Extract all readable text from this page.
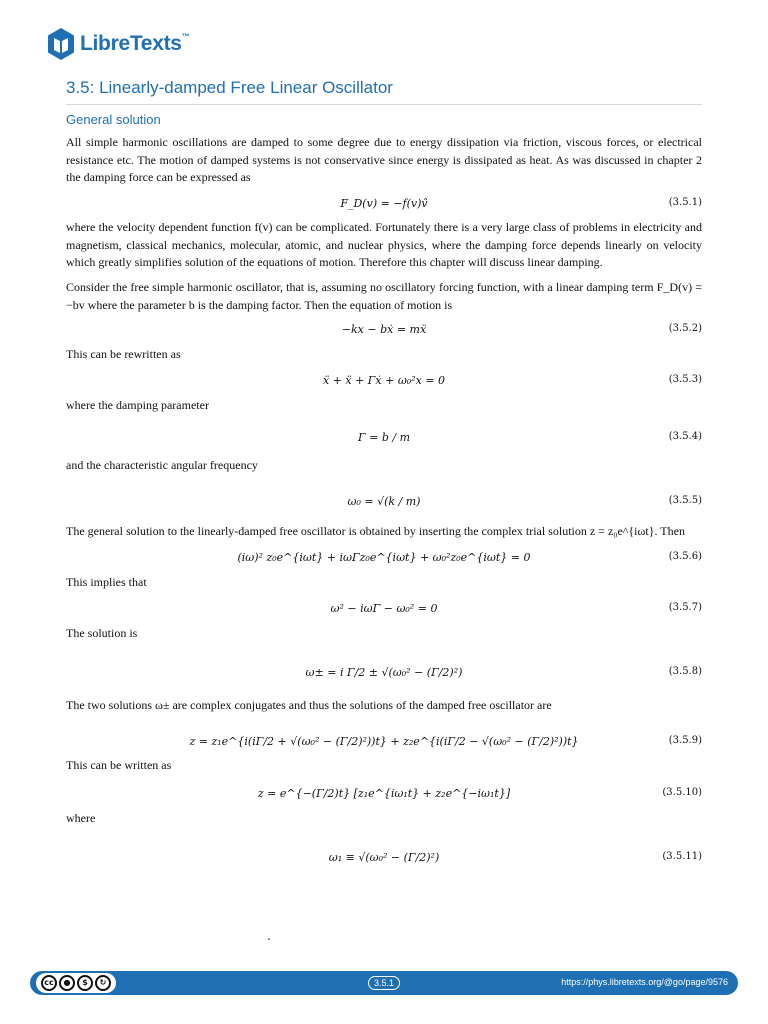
LibreTexts™
3.5: Linearly-damped Free Linear Oscillator
General solution

All simple harmonic oscillations are damped to some degree due to energy dissipation via friction, viscous forces, or electrical resistance etc. The motion of damped systems is not conservative since energy is dissipated as heat. As was discussed in chapter 2 the damping force can be expressed as

F_D(v) = −f(v)v̂	(3.5.1)

where the velocity dependent function f(v) can be complicated. Fortunately there is a very large class of problems in electricity and magnetism, classical mechanics, molecular, atomic, and nuclear physics, where the damping force depends linearly on velocity which greatly simplifies solution of the equations of motion. Therefore this chapter will discuss linear damping.

Consider the free simple harmonic oscillator, that is, assuming no oscillatory forcing function, with a linear damping term F_D(v) = −bv where the parameter b is the damping factor. Then the equation of motion is

−kx − bẋ = mẍ	(3.5.2)

This can be rewritten as

ẍ + ẍ + Γẋ + ω₀²x = 0	(3.5.3)

where the damping parameter

Γ = b / m	(3.5.4)

and the characteristic angular frequency

ω₀ = √(k / m)	(3.5.5)

The general solution to the linearly-damped free oscillator is obtained by inserting the complex trial solution z = z₀e^{iωt}. Then

(iω)² z₀e^{iωt} + iωΓz₀e^{iωt} + ω₀²z₀e^{iωt} = 0	(3.5.6)

This implies that

ω² − iωΓ − ω₀² = 0	(3.5.7)

The solution is

ω± = i Γ/2 ± √(ω₀² − (Γ/2)²)	(3.5.8)

The two solutions ω± are complex conjugates and thus the solutions of the damped free oscillator are

z = z₁e^{i(iΓ/2 + √(ω₀² − (Γ/2)²))t} + z₂e^{i(iΓ/2 − √(ω₀² − (Γ/2)²))t}	(3.5.9)

This can be written as

z = e^{−(Γ/2)t} [z₁e^{iω₁t} + z₂e^{−iω₁t}]	(3.5.10)

where

ω₁ ≡ √(ω₀² − (Γ/2)²)	(3.5.11)
cc	●	$	↻	3.5.1	https://phys.libretexts.org/@go/page/9576
